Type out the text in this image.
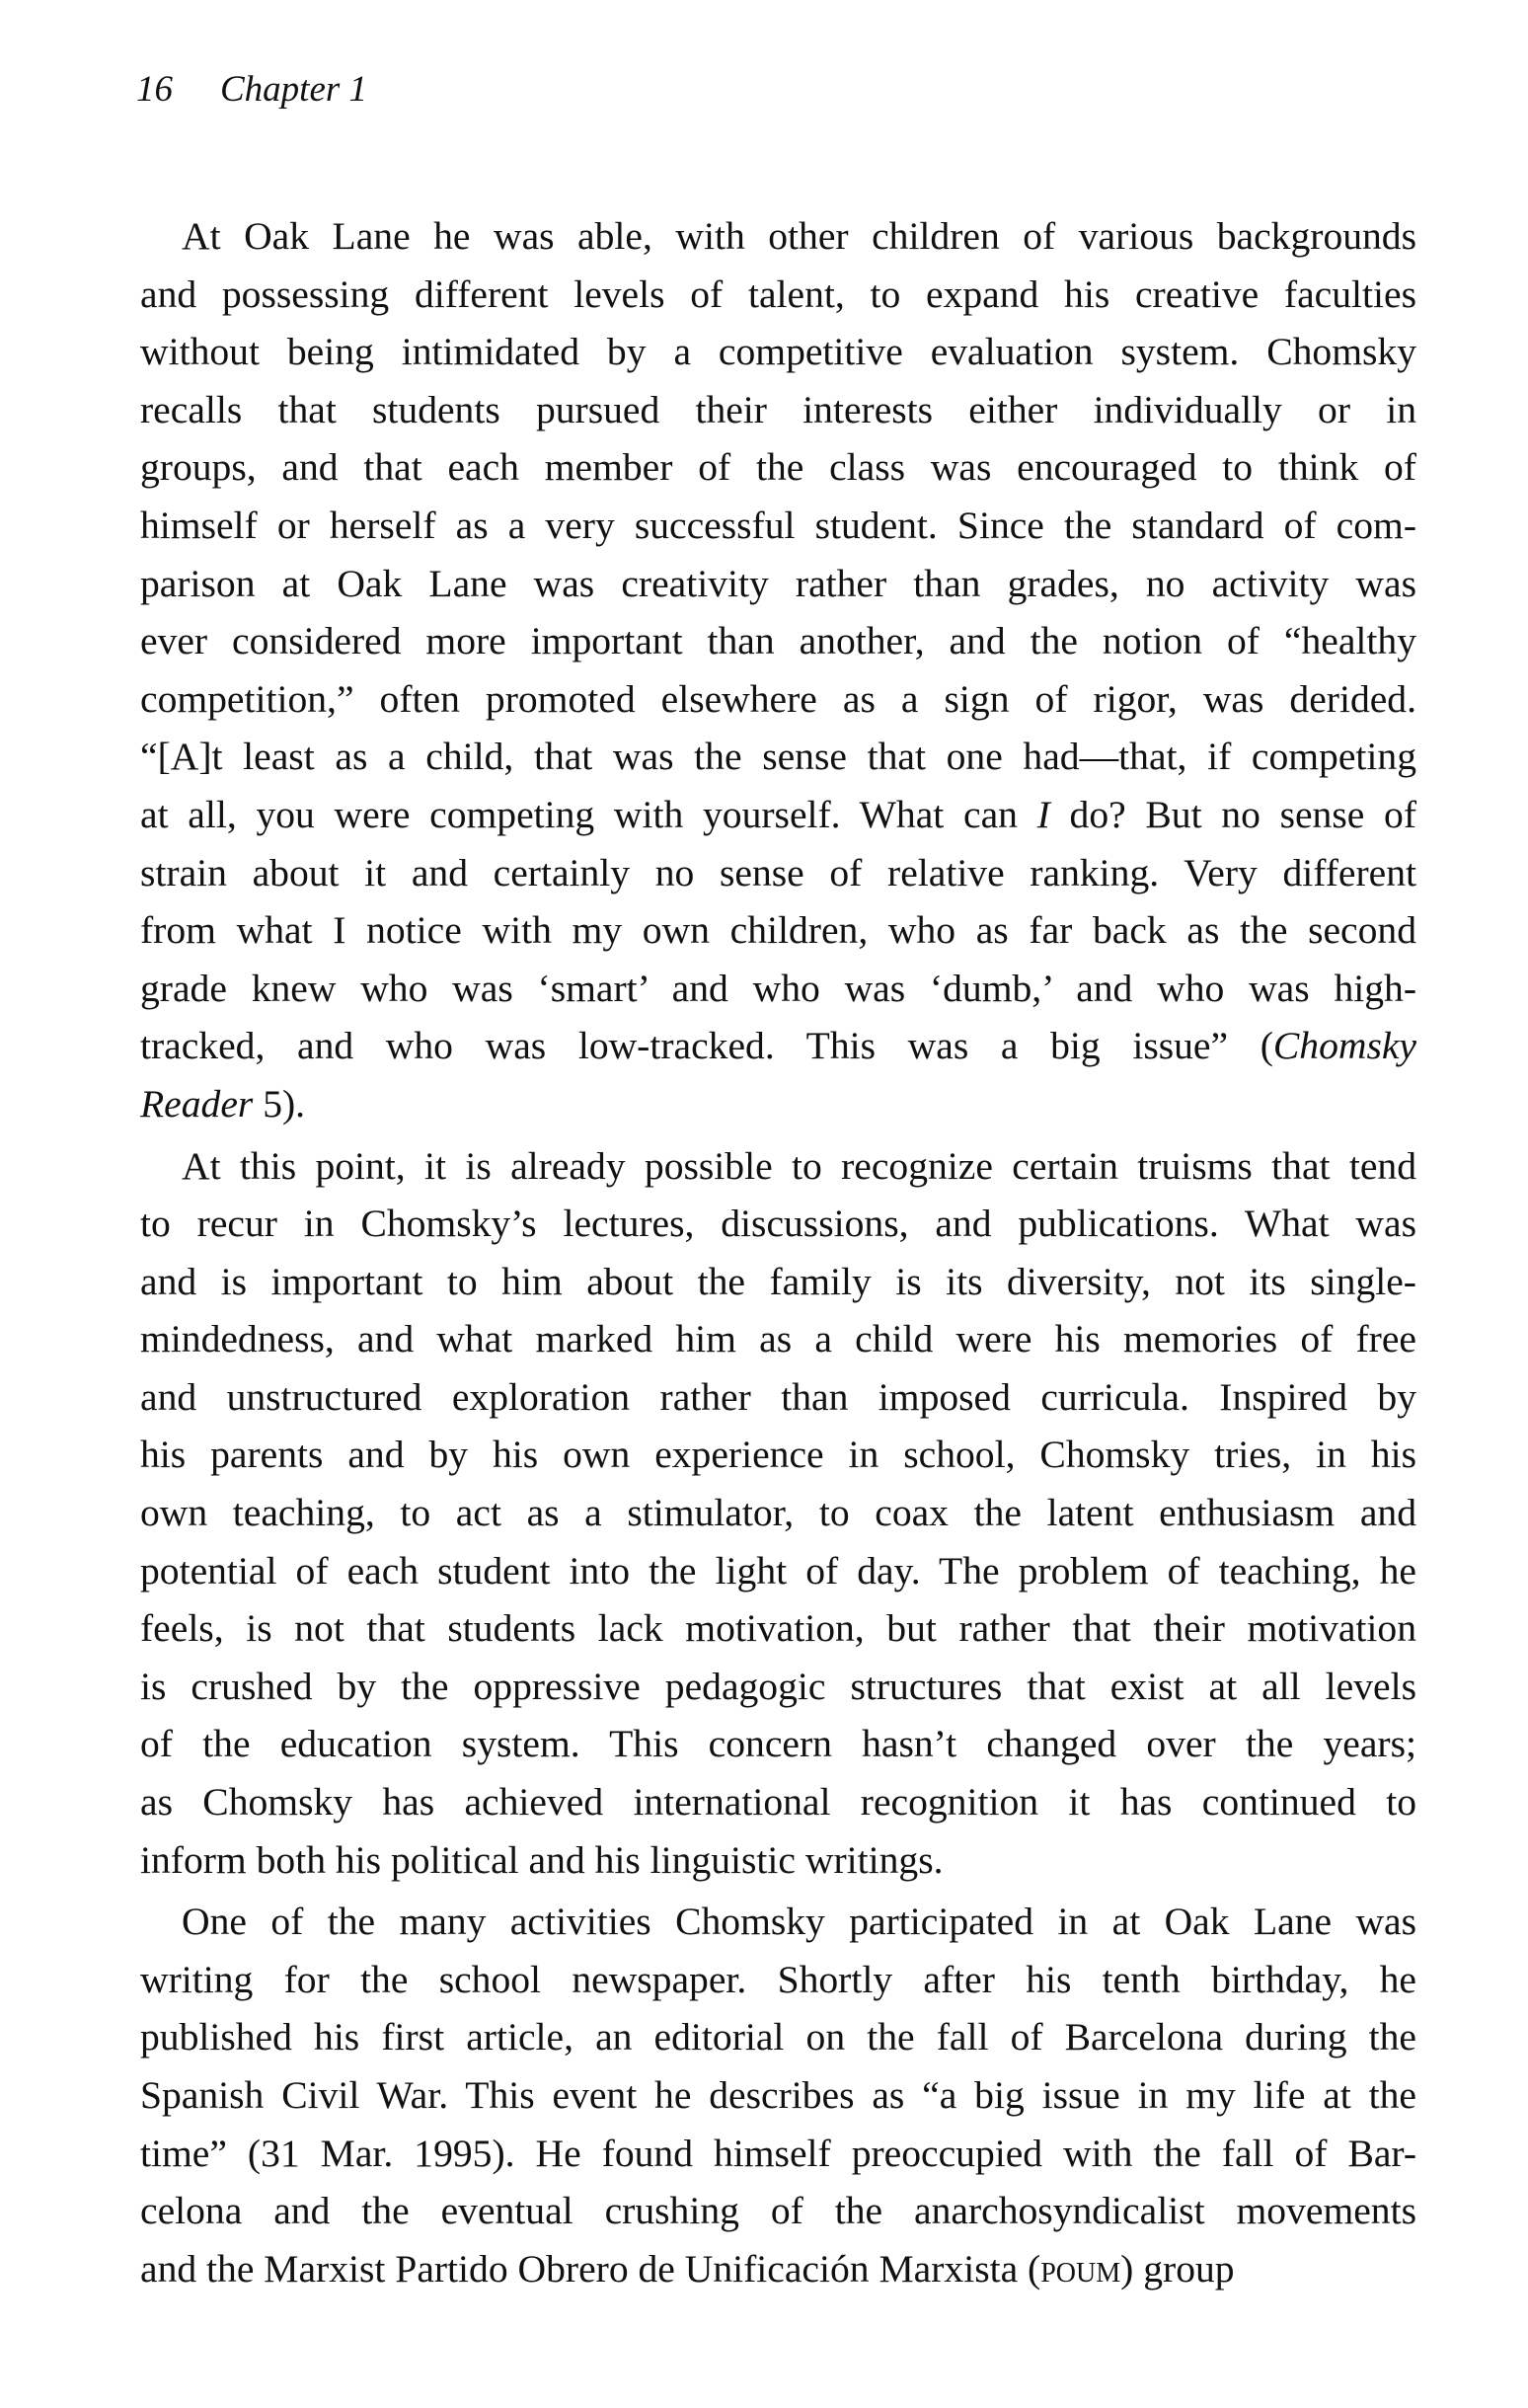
16 Chapter 1
At Oak Lane he was able, with other children of various backgrounds
and possessing different levels of talent, to expand his creative faculties
without being intimidated by a competitive evaluation system. Chomsky
recalls that students pursued their interests either individually or in
groups, and that each member of the class was encouraged to think of
himself or herself as a very successful student. Since the standard of com-
parison at Oak Lane was creativity rather than grades, no activity was
ever considered more important than another, and the notion of “healthy
competition,” often promoted elsewhere as a sign of rigor, was derided.
“[A]t least as a child, that was the sense that one had—that, if competing
at all, you were competing with yourself. What can I do? But no sense of
strain about it and certainly no sense of relative ranking. Very different
from what I notice with my own children, who as far back as the second
grade knew who was ‘smart’ and who was ‘dumb,’ and who was high-
tracked, and who was low-tracked. This was a big issue” (Chomsky
Reader 5).
At this point, it is already possible to recognize certain truisms that tend
to recur in Chomsky’s lectures, discussions, and publications. What was
and is important to him about the family is its diversity, not its single-
mindedness, and what marked him as a child were his memories of free
and unstructured exploration rather than imposed curricula. Inspired by
his parents and by his own experience in school, Chomsky tries, in his
own teaching, to act as a stimulator, to coax the latent enthusiasm and
potential of each student into the light of day. The problem of teaching, he
feels, is not that students lack motivation, but rather that their motivation
is crushed by the oppressive pedagogic structures that exist at all levels
of the education system. This concern hasn’t changed over the years;
as Chomsky has achieved international recognition it has continued to
inform both his political and his linguistic writings.
One of the many activities Chomsky participated in at Oak Lane was
writing for the school newspaper. Shortly after his tenth birthday, he
published his first article, an editorial on the fall of Barcelona during the
Spanish Civil War. This event he describes as “a big issue in my life at the
time” (31 Mar. 1995). He found himself preoccupied with the fall of Bar-
celona and the eventual crushing of the anarchosyndicalist movements
and the Marxist Partido Obrero de Unificación Marxista (poum) group
